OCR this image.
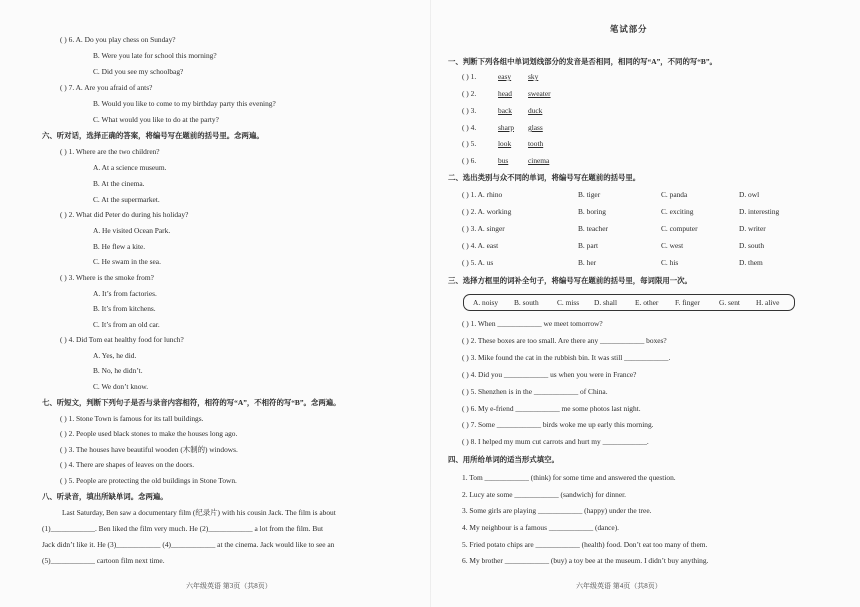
( ) 6. A. Do you play chess on Sunday?
B. Were you late for school this morning?
C. Did you see my schoolbag?
( ) 7. A. Are you afraid of ants?
B. Would you like to come to my birthday party this evening?
C. What would you like to do at the party?
六、听对话，选择正确的答案，将编号写在题前的括号里。念两遍。
( ) 1. Where are the two children?
A. At a science museum.
B. At the cinema.
C. At the supermarket.
( ) 2. What did Peter do during his holiday?
A. He visited Ocean Park.
B. He flew a kite.
C. He swam in the sea.
( ) 3. Where is the smoke from?
A. It’s from factories.
B. It’s from kitchens.
C. It’s from an old car.
( ) 4. Did Tom eat healthy food for lunch?
A. Yes, he did.
B. No, he didn’t.
C. We don’t know.
七、听短文，判断下列句子是否与录音内容相符，相符的写“A”，不相符的写“B”。念两遍。
( ) 1. Stone Town is famous for its tall buildings.
( ) 2. People used black stones to make the houses long ago.
( ) 3. The houses have beautiful wooden (木制的) windows.
( ) 4. There are shapes of leaves on the doors.
( ) 5. People are protecting the old buildings in Stone Town.
八、听录音，填出所缺单词。念两遍。
Last Saturday, Ben saw a documentary film (纪录片) with his cousin Jack. The film is about
(1)____________. Ben liked the film very much. He (2)____________ a lot from the film. But
Jack didn’t like it. He (3)____________ (4)____________ at the cinema. Jack would like to see an
(5)____________ cartoon film next time.
六年级英语 第3页（共8页）
笔试部分
一、判断下列各组中单词划线部分的发音是否相同，相同的写“A”，不同的写“B”。
( ) 1.	easy sky
( ) 2.	head sweater
( ) 3.	back duck
( ) 4.	sharp glass
( ) 5.	look tooth
( ) 6.	bus	cinema
二、选出类别与众不同的单词，将编号写在题前的括号里。
( ) 1. A. rhino	B. tiger	C. panda	D. owl
( ) 2. A. working	B. boring	C. exciting	D. interesting
( ) 3. A. singer	B. teacher	C. computer	D. writer
( ) 4. A. east	B. part	C. west	D. south
( ) 5. A. us	B. her	C. his	D. them
三、选择方框里的词补全句子，将编号写在题前的括号里，每词限用一次。
A. noisy B. south C. miss D. shall E. other F. finger	G. sent H. alive
( ) 1. When ____________ we meet tomorrow?
( ) 2. These boxes are too small. Are there any ____________ boxes?
( ) 3. Mike found the cat in the rubbish bin. It was still ____________.
( ) 4. Did you ____________ us when you were in France?
( ) 5. Shenzhen is in the ____________ of China.
( ) 6. My e-friend ____________ me some photos last night.
( ) 7. Some ____________ birds woke me up early this morning.
( ) 8. I helped my mum cut carrots and hurt my ____________.
四、用所给单词的适当形式填空。
1. Tom ____________ (think) for some time and answered the question.
2. Lucy ate some ____________ (sandwich) for dinner.
3. Some girls are playing ____________ (happy) under the tree.
4. My neighbour is a famous ____________ (dance).
5. Fried potato chips are ____________ (health) food. Don’t eat too many of them.
6. My brother ____________ (buy) a toy bee at the museum. I didn’t buy anything.
六年级英语 第4页（共8页）
